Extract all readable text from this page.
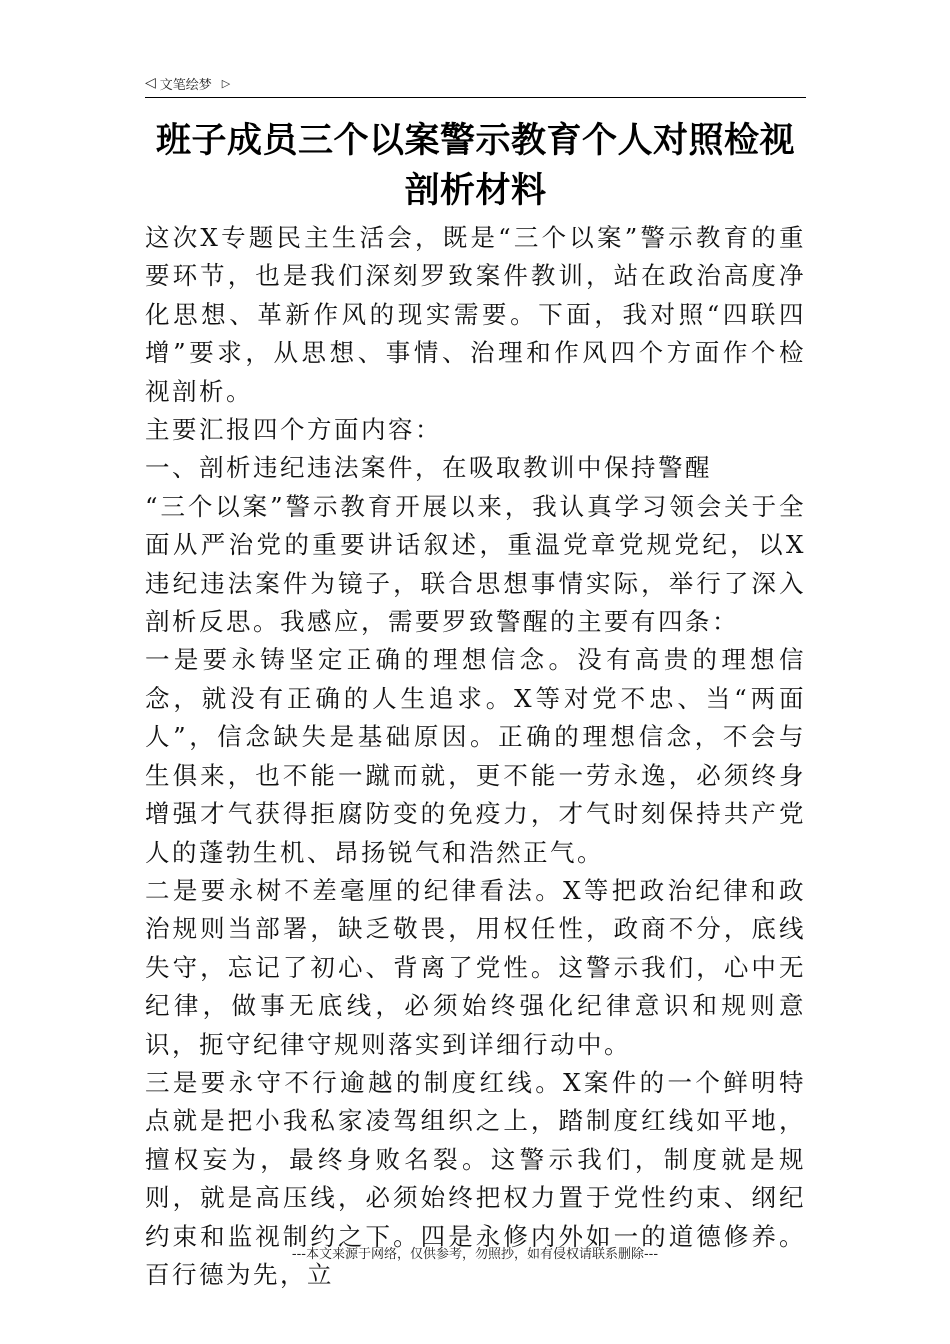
◁ 文笔绘梦 ▷
班子成员三个以案警示教育个人对照检视剖析材料

这次X专题民主生活会，既是“三个以案”警示教育的重要环节，也是我们深刻罗致案件教训，站在政治高度净化思想、革新作风的现实需要。下面，我对照“四联四增”要求，从思想、事情、治理和作风四个方面作个检视剖析。

主要汇报四个方面内容：

一、剖析违纪违法案件，在吸取教训中保持警醒

“三个以案”警示教育开展以来，我认真学习领会关于全面从严治党的重要讲话叙述，重温党章党规党纪，以X违纪违法案件为镜子，联合思想事情实际，举行了深入剖析反思。我感应，需要罗致警醒的主要有四条：

一是要永铸坚定正确的理想信念。没有高贵的理想信念，就没有正确的人生追求。X等对党不忠、当“两面人”，信念缺失是基础原因。正确的理想信念，不会与生俱来，也不能一蹴而就，更不能一劳永逸，必须终身增强才气获得拒腐防变的免疫力，才气时刻保持共产党人的蓬勃生机、昂扬锐气和浩然正气。

二是要永树不差毫厘的纪律看法。X等把政治纪律和政治规则当部署，缺乏敬畏，用权任性，政商不分，底线失守，忘记了初心、背离了党性。这警示我们，心中无纪律，做事无底线，必须始终强化纪律意识和规则意识，扼守纪律守规则落实到详细行动中。

三是要永守不行逾越的制度红线。X案件的一个鲜明特点就是把小我私家凌驾组织之上，踏制度红线如平地，擅权妄为，最终身败名裂。这警示我们，制度就是规则，就是高压线，必须始终把权力置于党性约束、纲纪约束和监视制约之下。四是永修内外如一的道德修养。百行德为先，立

---本文来源于网络，仅供参考，勿照抄，如有侵权请联系删除---
